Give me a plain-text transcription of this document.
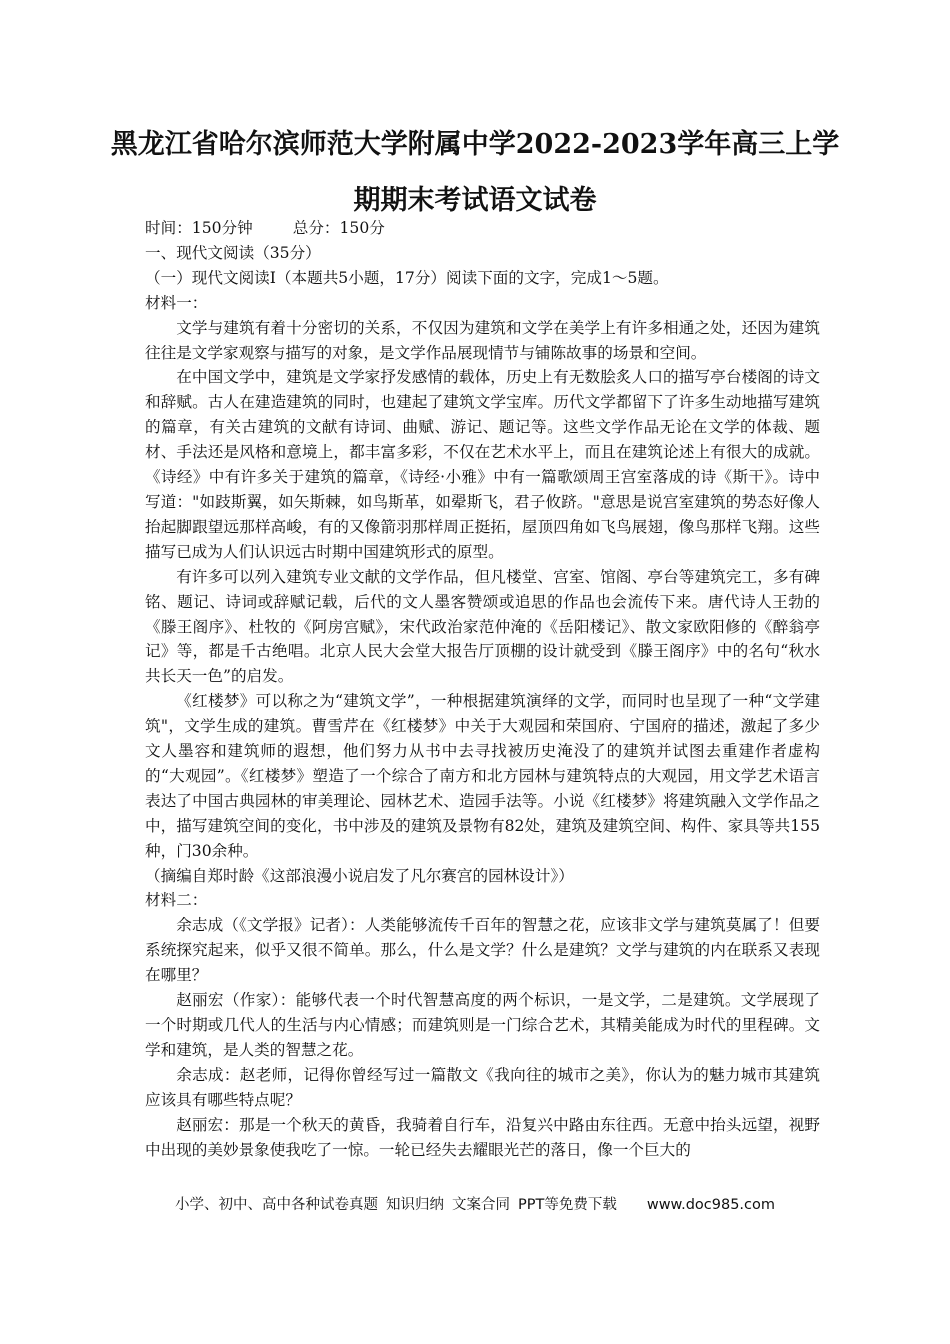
黑龙江省哈尔滨师范大学附属中学2022-2023学年高三上学
期期末考试语文试卷

时间：150分钟	总分：150分

一、现代文阅读（35分）

（一）现代文阅读Ⅰ（本题共5小题，17分）阅读下面的文字，完成1～5题。

材料一：

文学与建筑有着十分密切的关系，不仅因为建筑和文学在美学上有许多相通之处，还因为建筑往往是文学家观察与描写的对象，是文学作品展现情节与铺陈故事的场景和空间。

在中国文学中，建筑是文学家抒发感情的载体，历史上有无数脍炙人口的描写亭台楼阁的诗文和辞赋。古人在建造建筑的同时，也建起了建筑文学宝库。历代文学都留下了许多生动地描写建筑的篇章，有关古建筑的文献有诗词、曲赋、游记、题记等。这些文学作品无论在文学的体裁、题材、手法还是风格和意境上，都丰富多彩，不仅在艺术水平上，而且在建筑论述上有很大的成就。《诗经》中有许多关于建筑的篇章，《诗经·小雅》中有一篇歌颂周王宫室落成的诗《斯干》。诗中写道："如跂斯翼，如矢斯棘，如鸟斯革，如翚斯飞，君子攸跻。"意思是说宫室建筑的势态好像人抬起脚跟望远那样高峻，有的又像箭羽那样周正挺拓，屋顶四角如飞鸟展翅，像鸟那样飞翔。这些描写已成为人们认识远古时期中国建筑形式的原型。

有许多可以列入建筑专业文献的文学作品，但凡楼堂、宫室、馆阁、亭台等建筑完工，多有碑铭、题记、诗词或辞赋记载，后代的文人墨客赞颂或追思的作品也会流传下来。唐代诗人王勃的《滕王阁序》、杜牧的《阿房宫赋》，宋代政治家范仲淹的《岳阳楼记》、散文家欧阳修的《醉翁亭记》等，都是千古绝唱。北京人民大会堂大报告厅顶棚的设计就受到《滕王阁序》中的名句“秋水共长天一色”的启发。

《红楼梦》可以称之为“建筑文学”，一种根据建筑演绎的文学，而同时也呈现了一种“文学建筑"，文学生成的建筑。曹雪芹在《红楼梦》中关于大观园和荣国府、宁国府的描述，激起了多少文人墨容和建筑师的遐想，他们努力从书中去寻找被历史淹没了的建筑并试图去重建作者虚构的“大观园”。《红楼梦》塑造了一个综合了南方和北方园林与建筑特点的大观园，用文学艺术语言表达了中国古典园林的审美理论、园林艺术、造园手法等。小说《红楼梦》将建筑融入文学作品之中，描写建筑空间的变化，书中涉及的建筑及景物有82处，建筑及建筑空间、构件、家具等共155种，门30余种。

（摘编自郑时龄《这部浪漫小说启发了凡尔赛宫的园林设计》）

材料二：

余志成（《文学报》记者）：人类能够流传千百年的智慧之花，应该非文学与建筑莫属了！但要系统探究起来，似乎又很不简单。那么，什么是文学？什么是建筑？文学与建筑的内在联系又表现在哪里？

赵丽宏（作家）：能够代表一个时代智慧高度的两个标识，一是文学，二是建筑。文学展现了一个时期或几代人的生活与内心情感；而建筑则是一门综合艺术，其精美能成为时代的里程碑。文学和建筑，是人类的智慧之花。

余志成：赵老师，记得你曾经写过一篇散文《我向往的城市之美》，你认为的魅力城市其建筑应该具有哪些特点呢？

赵丽宏：那是一个秋天的黄昏，我骑着自行车，沿复兴中路由东往西。无意中抬头远望，视野中出现的美妙景象使我吃了一惊。一轮已经失去耀眼光芒的落日，像一个巨大的

小学、初中、高中各种试卷真题 知识归纳 文案合同 PPT等免费下载 www.doc985.com
